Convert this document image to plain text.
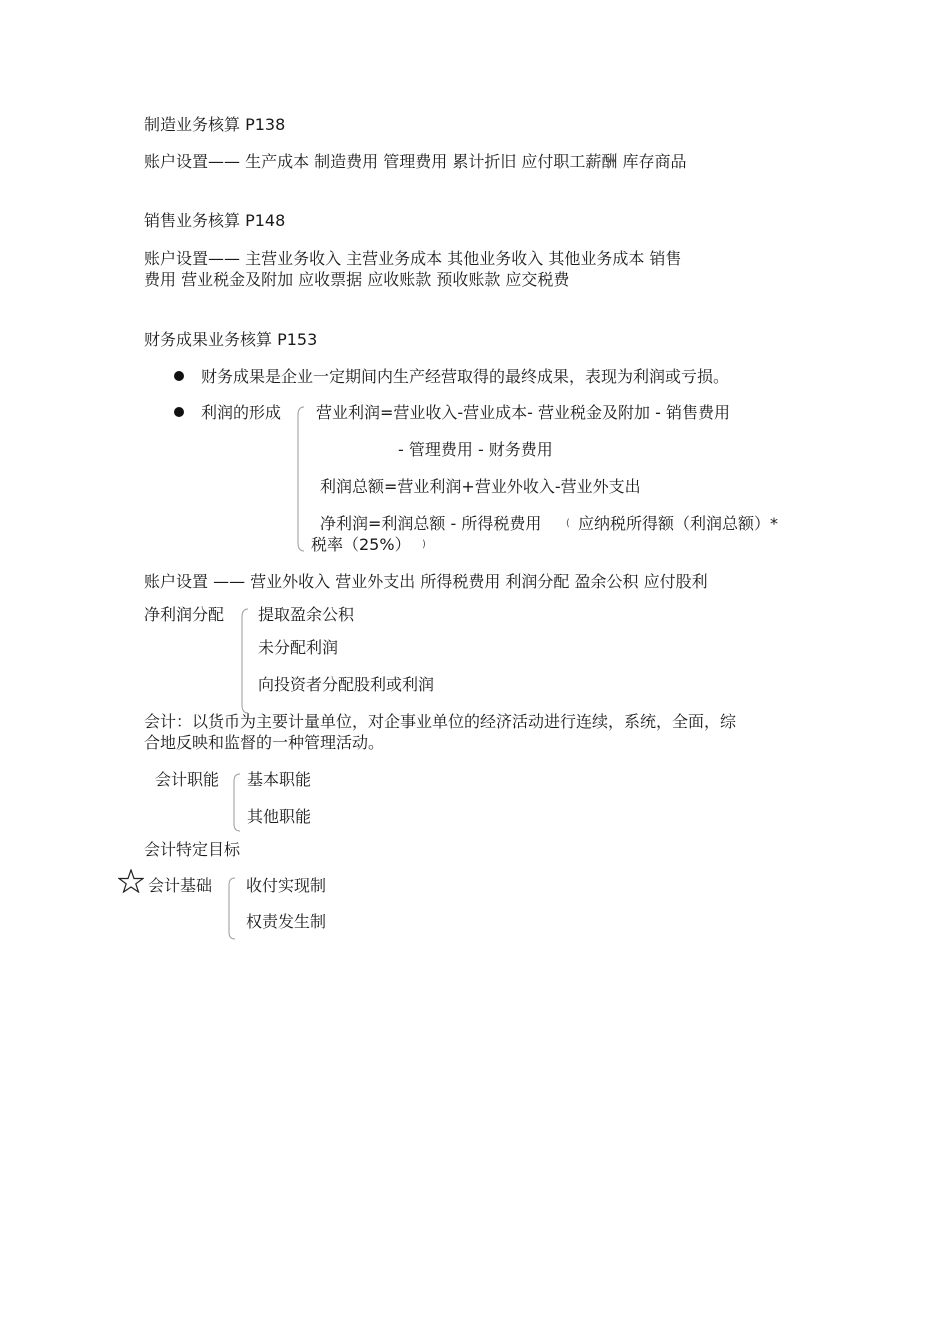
制造业务核算 P138
账户设置—— 生产成本 制造费用 管理费用 累计折旧 应付职工薪酬 库存商品
销售业务核算 P148
账户设置—— 主营业务收入 主营业务成本 其他业务收入 其他业务成本 销售
费用 营业税金及附加 应收票据 应收账款 预收账款 应交税费
财务成果业务核算 P153
财务成果是企业一定期间内生产经营取得的最终成果，表现为利润或亏损。
利润的形成 营业利润=营业收入-营业成本- 营业税金及附加 - 销售费用
- 管理费用 - 财务费用
利润总额=营业利润+营业外收入-营业外支出
净利润=利润总额 - 所得税费用 ( 应纳税所得额（利润总额）*
税率（25%） )
账户设置 —— 营业外收入 营业外支出 所得税费用 利润分配 盈余公积 应付股利
净利润分配 提取盈余公积
未分配利润
向投资者分配股利或利润
会计：以货币为主要计量单位，对企事业单位的经济活动进行连续，系统，全面，综
合地反映和监督的一种管理活动。
会计职能 基本职能
其他职能
会计特定目标
会计基础 收付实现制
权责发生制
